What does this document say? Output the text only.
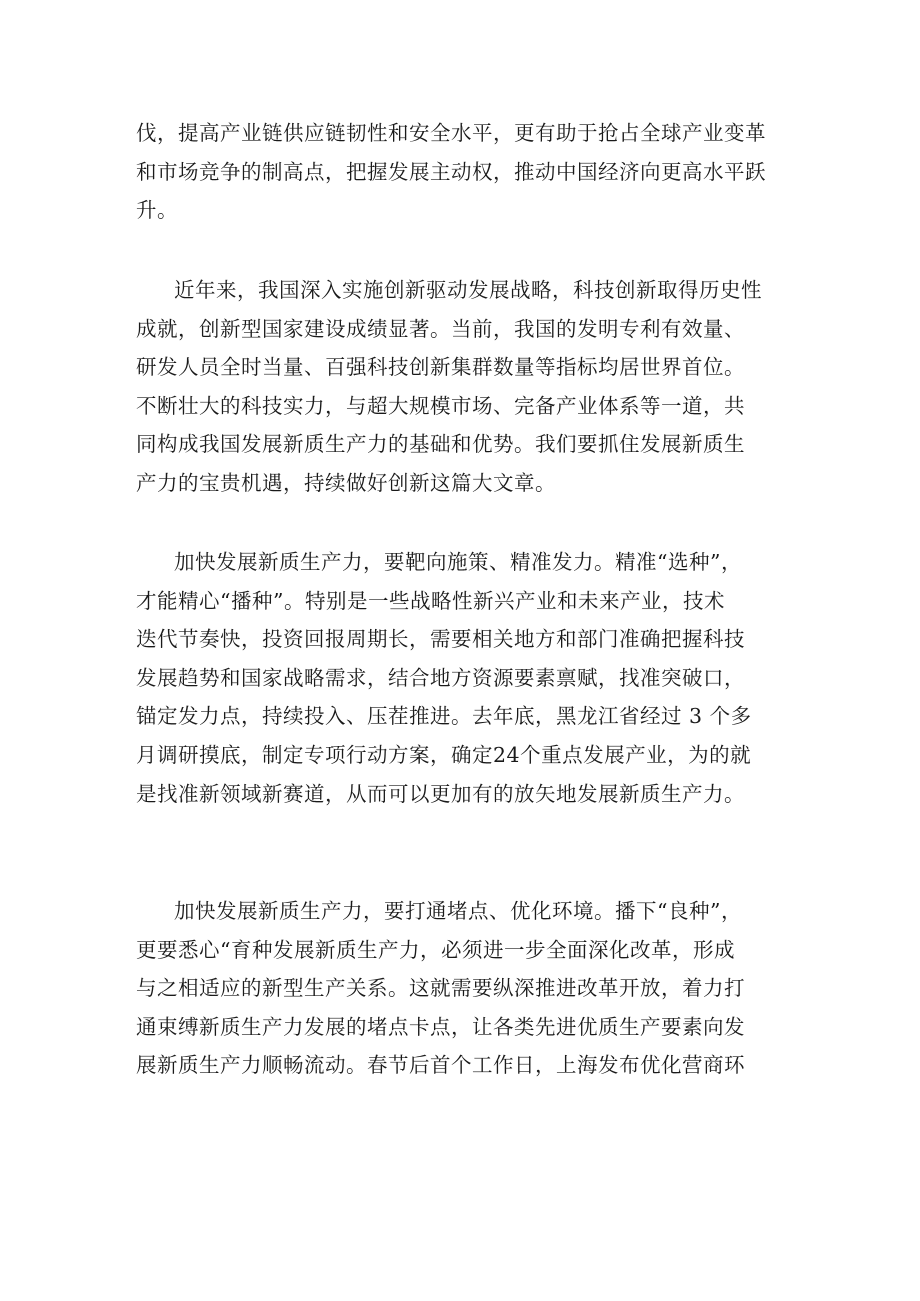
伐，提高产业链供应链韧性和安全水平，更有助于抢占全球产业变革
和市场竞争的制高点，把握发展主动权，推动中国经济向更高水平跃
升。
近年来，我国深入实施创新驱动发展战略，科技创新取得历史性
成就，创新型国家建设成绩显著。当前，我国的发明专利有效量、
研发人员全时当量、百强科技创新集群数量等指标均居世界首位。
不断壮大的科技实力，与超大规模市场、完备产业体系等一道，共
同构成我国发展新质生产力的基础和优势。我们要抓住发展新质生
产力的宝贵机遇，持续做好创新这篇大文章。
加快发展新质生产力，要靶向施策、精准发力。精准“选种”，
才能精心“播种”。特别是一些战略性新兴产业和未来产业，技术
迭代节奏快，投资回报周期长，需要相关地方和部门准确把握科技
发展趋势和国家战略需求，结合地方资源要素禀赋，找准突破口，
锚定发力点，持续投入、压茬推进。去年底，黑龙江省经过 3 个多
月调研摸底，制定专项行动方案，确定24个重点发展产业，为的就
是找准新领域新赛道，从而可以更加有的放矢地发展新质生产力。
加快发展新质生产力，要打通堵点、优化环境。播下“良种”，
更要悉心“育种发展新质生产力，必须进一步全面深化改革，形成
与之相适应的新型生产关系。这就需要纵深推进改革开放，着力打
通束缚新质生产力发展的堵点卡点，让各类先进优质生产要素向发
展新质生产力顺畅流动。春节后首个工作日，上海发布优化营商环
